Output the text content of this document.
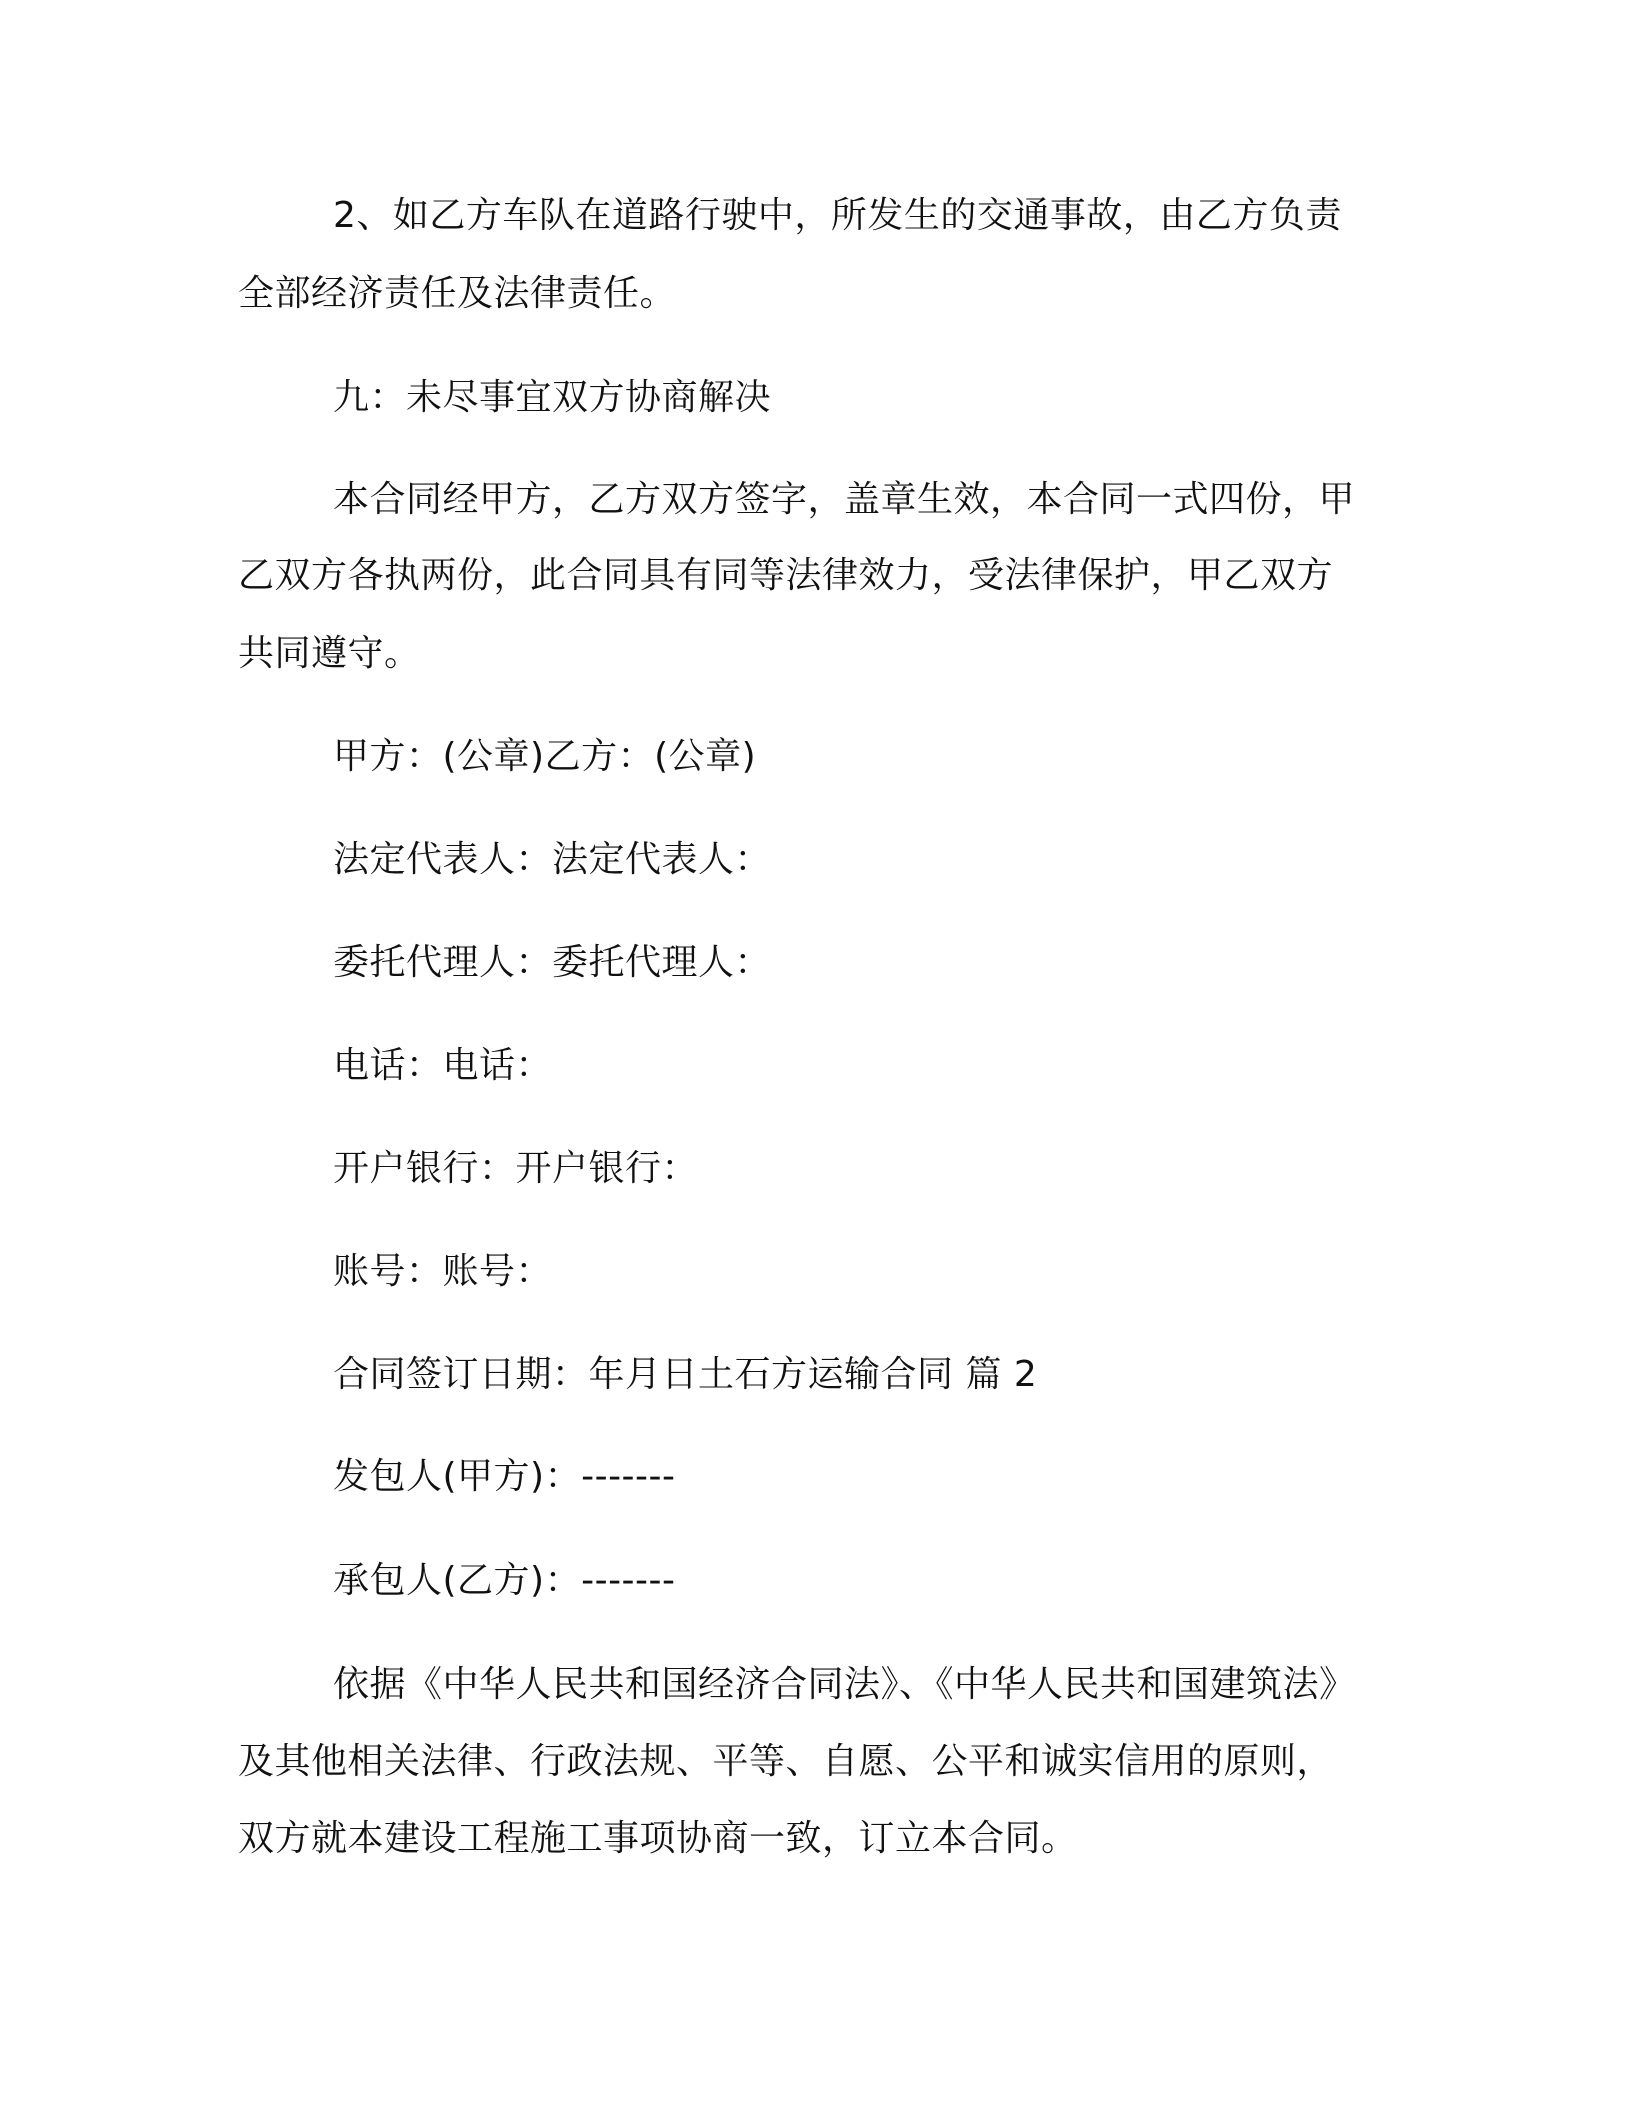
2、如乙方车队在道路行驶中，所发生的交通事故，由乙方负责
全部经济责任及法律责任。
九：未尽事宜双方协商解决
本合同经甲方，乙方双方签字，盖章生效，本合同一式四份，甲
乙双方各执两份，此合同具有同等法律效力，受法律保护，甲乙双方
共同遵守。
甲方：(公章)乙方：(公章)
法定代表人：法定代表人：
委托代理人：委托代理人：
电话：电话：
开户银行：开户银行：
账号：账号：
合同签订日期：年月日土石方运输合同 篇 2
发包人(甲方)：-------
承包人(乙方)：-------
依据《中华人民共和国经济合同法》、《中华人民共和国建筑法》
及其他相关法律、行政法规、平等、自愿、公平和诚实信用的原则，
双方就本建设工程施工事项协商一致，订立本合同。
